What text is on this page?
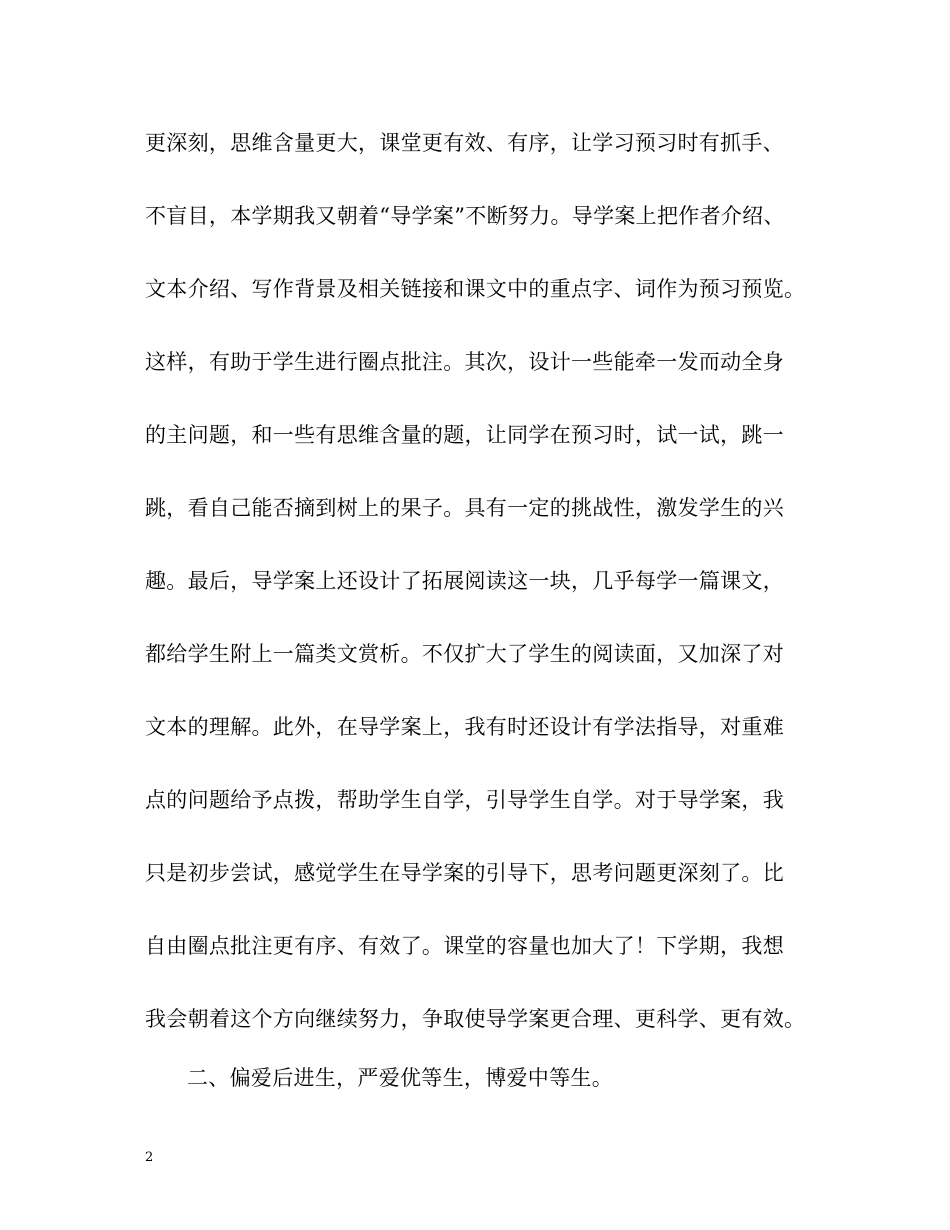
更深刻，思维含量更大，课堂更有效、有序，让学习预习时有抓手、
不盲目，本学期我又朝着“导学案”不断努力。导学案上把作者介绍、
文本介绍、写作背景及相关链接和课文中的重点字、词作为预习预览。
这样，有助于学生进行圈点批注。其次，设计一些能牵一发而动全身
的主问题，和一些有思维含量的题，让同学在预习时，试一试，跳一
跳，看自己能否摘到树上的果子。具有一定的挑战性，激发学生的兴
趣。最后，导学案上还设计了拓展阅读这一块，几乎每学一篇课文，
都给学生附上一篇类文赏析。不仅扩大了学生的阅读面，又加深了对
文本的理解。此外，在导学案上，我有时还设计有学法指导，对重难
点的问题给予点拨，帮助学生自学，引导学生自学。对于导学案，我
只是初步尝试，感觉学生在导学案的引导下，思考问题更深刻了。比
自由圈点批注更有序、有效了。课堂的容量也加大了！下学期，我想
我会朝着这个方向继续努力，争取使导学案更合理、更科学、更有效。
二、偏爱后进生，严爱优等生，博爱中等生。
2
